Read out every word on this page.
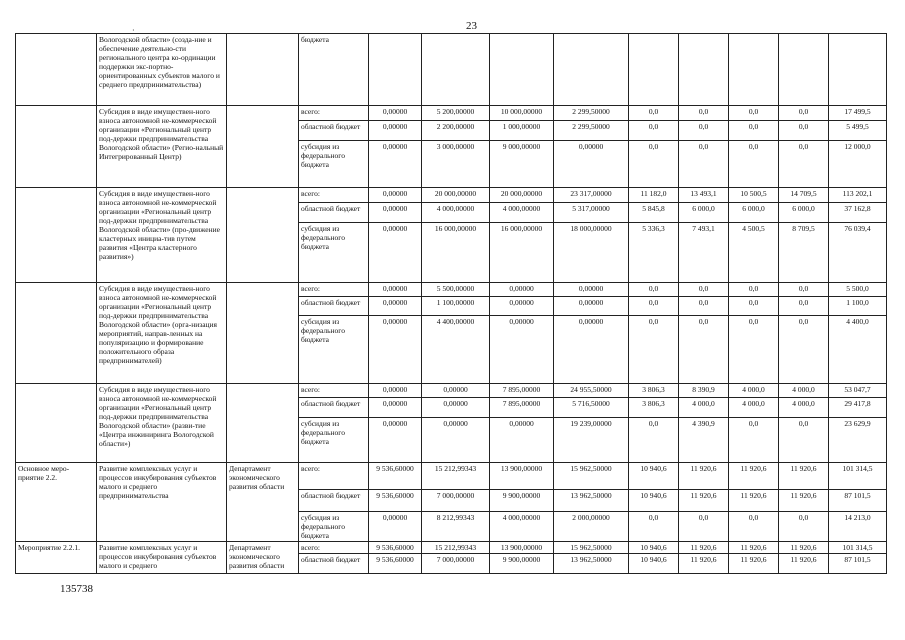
·	23
	Вологодской области» (созда-ние и обеспечение деятельно-сти регионального центра ко-ординации поддержки экс-портно-ориентированных субъектов малого и среднего предпринимательства)		бюджета										
	Субсидия в виде имуществен-ного взноса автономной не-коммерческой организации «Региональный центр под-держки предпринимательства Вологодской области» (Регио-нальный Интегрированный Центр)		всего:	0,00000	5 200,00000	10 000,00000	2 299,50000	0,0	0,0	0,0	0,0	17 499,5	
			областной бюджет	0,00000	2 200,00000	1 000,00000	2 299,50000	0,0	0,0	0,0	0,0	5 499,5	
			субсидия из федерального бюджета	0,00000	3 000,00000	9 000,00000	0,00000	0,0	0,0	0,0	0,0	12 000,0	
	Субсидия в виде имуществен-ного взноса автономной не-коммерческой организации «Региональный центр под-держки предпринимательства Вологодской области» (про-движение кластерных инициа-тив путем развития «Центра кластерного развития»)		всего:	0,00000	20 000,00000	20 000,00000	23 317,00000	11 182,0	13 493,1	10 500,5	14 709,5	113 202,1	
			областной бюджет	0,00000	4 000,00000	4 000,00000	5 317,00000	5 845,8	6 000,0	6 000,0	6 000,0	37 162,8	
			субсидия из федерального бюджета	0,00000	16 000,00000	16 000,00000	18 000,00000	5 336,3	7 493,1	4 500,5	8 709,5	76 039,4	
	Субсидия в виде имуществен-ного взноса автономной не-коммерческой организации «Региональный центр под-держки предпринимательства Вологодской области» (орга-низация мероприятий, направ-ленных на популяризацию и формирование положительного образа предпринимателей)		всего:	0,00000	5 500,00000	0,00000	0,00000	0,0	0,0	0,0	0,0	5 500,0	
			областной бюджет	0,00000	1 100,00000	0,00000	0,00000	0,0	0,0	0,0	0,0	1 100,0	
			субсидия из федерального бюджета	0,00000	4 400,00000	0,00000	0,00000	0,0	0,0	0,0	0,0	4 400,0	
	Субсидия в виде имуществен-ного взноса автономной не-коммерческой организации «Региональный центр под-держки предпринимательства Вологодской области» (разви-тие «Центра инжиниринга Вологодской области»)		всего:	0,00000	0,00000	7 895,00000	24 955,50000	3 806,3	8 390,9	4 000,0	4 000,0	53 047,7	
			областной бюджет	0,00000	0,00000	7 895,00000	5 716,50000	3 806,3	4 000,0	4 000,0	4 000,0	29 417,8	
			субсидия из федерального бюджета	0,00000	0,00000	0,00000	19 239,00000	0,0	4 390,9	0,0	0,0	23 629,9	
Основное меро-приятие 2.2.	Развитие комплексных услуг и процессов инкубирования субъектов малого и среднего предпринимательства	Департамент экономического развития области	всего:	9 536,60000	15 212,99343	13 900,00000	15 962,50000	10 940,6	11 920,6	11 920,6	11 920,6	101 314,5	
			областной бюджет	9 536,60000	7 000,00000	9 900,00000	13 962,50000	10 940,6	11 920,6	11 920,6	11 920,6	87 101,5	
			субсидия из федерального бюджета	0,00000	8 212,99343	4 000,00000	2 000,00000	0,0	0,0	0,0	0,0	14 213,0	
Мероприятие 2.2.1.	Развитие комплексных услуг и процессов инкубирования субъектов малого и среднего	Департамент экономического развития области	всего:	9 536,60000	15 212,99343	13 900,00000	15 962,50000	10 940,6	11 920,6	11 920,6	11 920,6	101 314,5	
			областной бюджет	9 536,60000	7 000,00000	9 900,00000	13 962,50000	10 940,6	11 920,6	11 920,6	11 920,6	87 101,5	
135738
